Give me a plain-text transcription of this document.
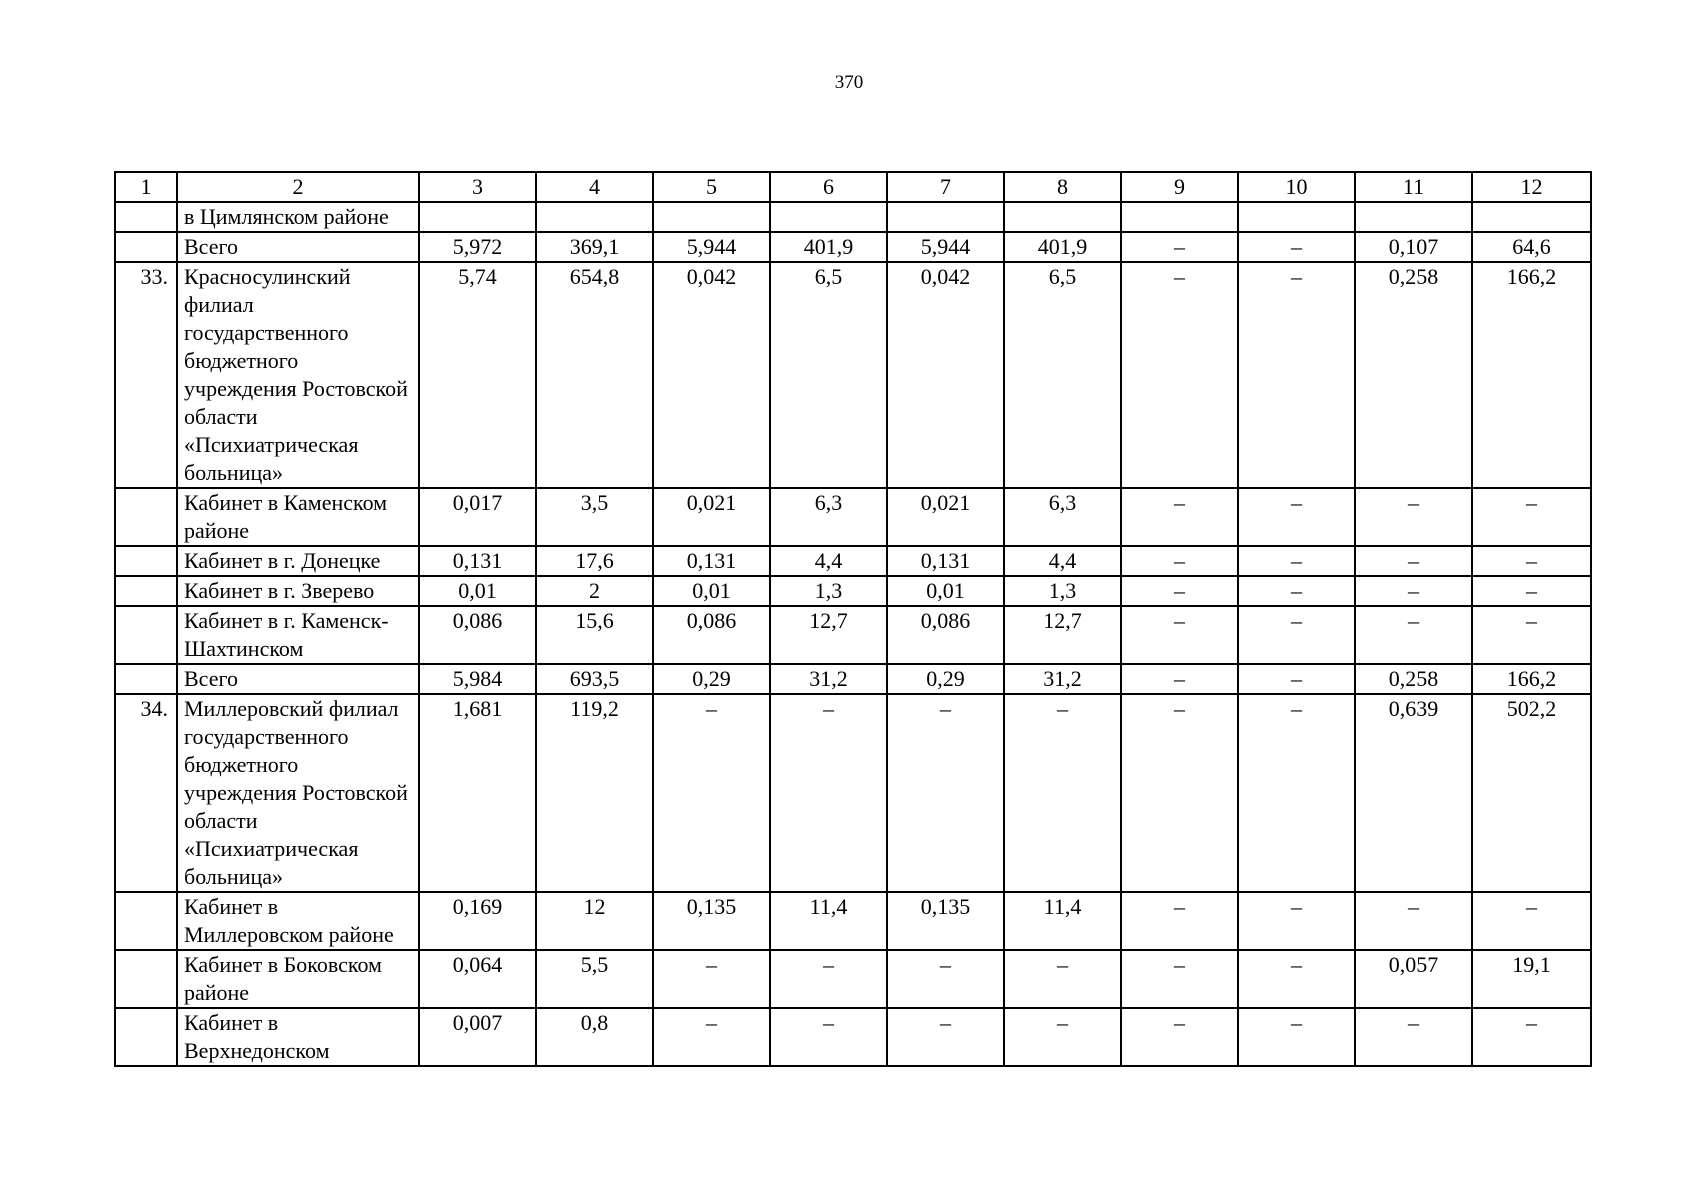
370
1	2	3	4	5	6	7	8	9	10	11	12
	в Цимлянском районе										
	Всего	5,972	369,1	5,944	401,9	5,944	401,9	–	–	0,107	64,6
33.	Красносулинский филиал государственного бюджетного учреждения Ростовской области «Психиатрическая больница»	5,74	654,8	0,042	6,5	0,042	6,5	–	–	0,258	166,2
	Кабинет в Каменском районе	0,017	3,5	0,021	6,3	0,021	6,3	–	–	–	–
	Кабинет в г. Донецке	0,131	17,6	0,131	4,4	0,131	4,4	–	–	–	–
	Кабинет в г. Зверево	0,01	2	0,01	1,3	0,01	1,3	–	–	–	–
	Кабинет в г. Каменск-Шахтинском	0,086	15,6	0,086	12,7	0,086	12,7	–	–	–	–
	Всего	5,984	693,5	0,29	31,2	0,29	31,2	–	–	0,258	166,2
34.	Миллеровский филиал государственного бюджетного учреждения Ростовской области «Психиатрическая больница»	1,681	119,2	–	–	–	–	–	–	0,639	502,2
	Кабинет в Миллеровском районе	0,169	12	0,135	11,4	0,135	11,4	–	–	–	–
	Кабинет в Боковском районе	0,064	5,5	–	–	–	–	–	–	0,057	19,1
	Кабинет в Верхнедонском	0,007	0,8	–	–	–	–	–	–	–	–
